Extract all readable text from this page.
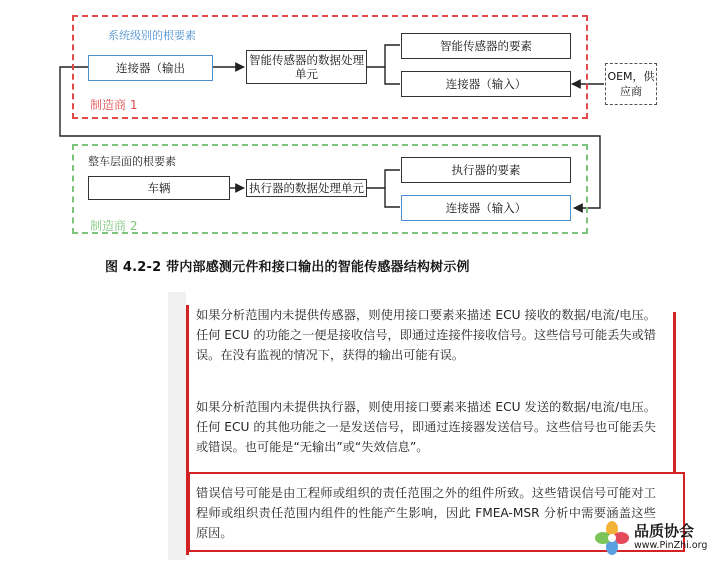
系统级别的根要素
制造商 1
连接器（输出
智能传感器的数据处理单元
智能传感器的要素
连接器（输入）
OEM，供应商
整车层面的根要素
制造商 2
车辆	执行器的数据处理单元
执行器的要素
连接器（输入）
图 4.2-2 带内部感测元件和接口输出的智能传感器结构树示例
如果分析范围内未提供传感器，则使用接口要素来描述 ECU 接收的数据/电流/电压。任何 ECU 的功能之一便是接收信号，即通过连接件接收信号。这些信号可能丢失或错误。在没有监视的情况下，获得的输出可能有误。
如果分析范围内未提供执行器，则使用接口要素来描述 ECU 发送的数据/电流/电压。任何 ECU 的其他功能之一是发送信号，即通过连接器发送信号。这些信号也可能丢失或错误。也可能是“无输出”或“失效信息”。
错误信号可能是由工程师或组织的责任范围之外的组件所致。这些错误信号可能对工程师或组织责任范围内组件的性能产生影响，因此 FMEA-MSR 分析中需要涵盖这些原因。	品质协会
www.PinZhi.org
